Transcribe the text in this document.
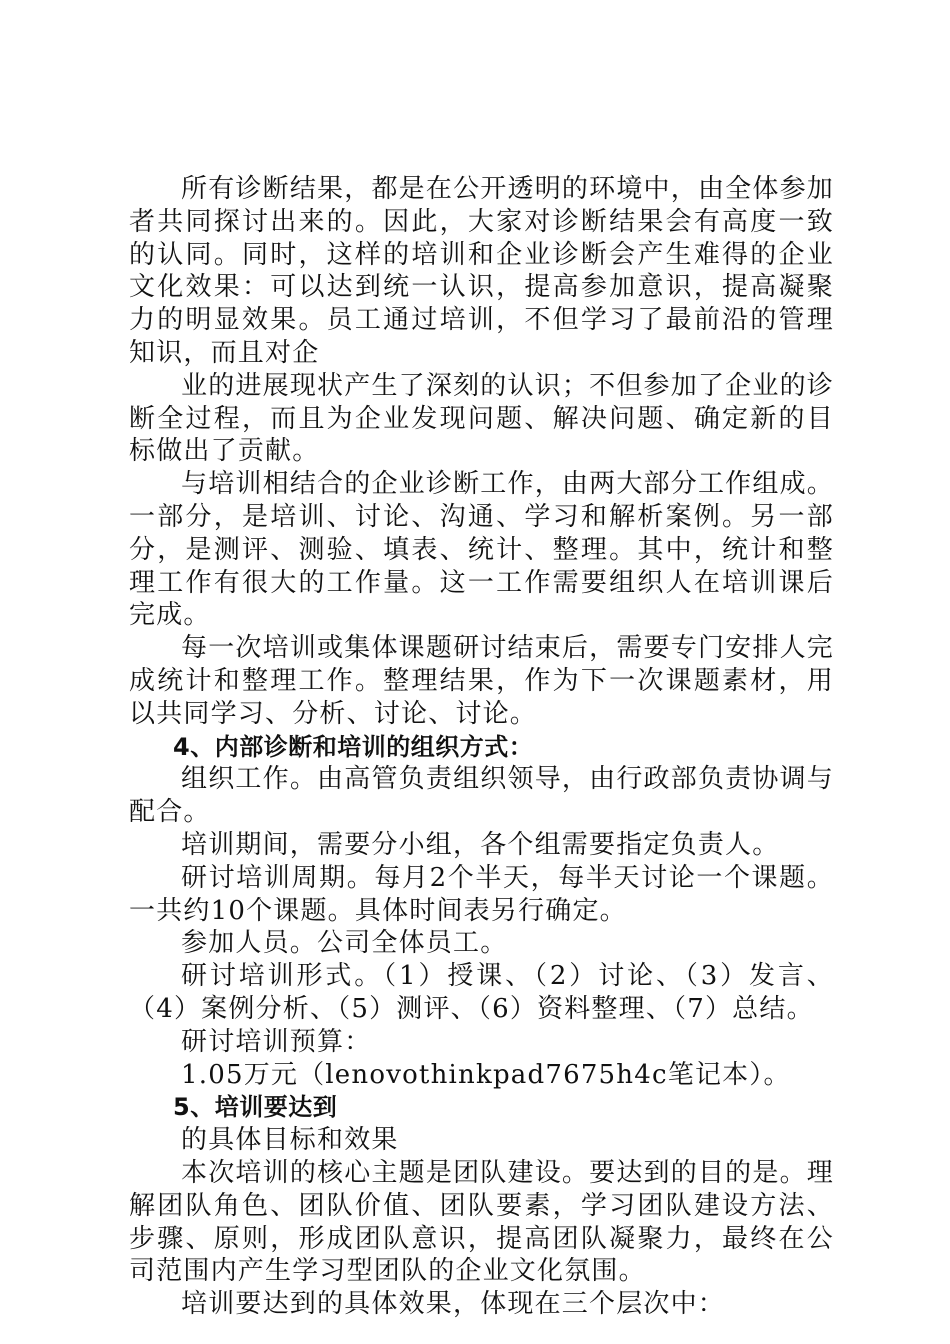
所有诊断结果，都是在公开透明的环境中，由全体参加者共同探讨出来的。因此，大家对诊断结果会有高度一致的认同。同时，这样的培训和企业诊断会产生难得的企业文化效果：可以达到统一认识，提高参加意识，提高凝聚力的明显效果。员工通过培训，不但学习了最前沿的管理知识，而且对企

业的进展现状产生了深刻的认识；不但参加了企业的诊断全过程，而且为企业发现问题、解决问题、确定新的目标做出了贡献。

与培训相结合的企业诊断工作，由两大部分工作组成。一部分，是培训、讨论、沟通、学习和解析案例。另一部分，是测评、测验、填表、统计、整理。其中，统计和整理工作有很大的工作量。这一工作需要组织人在培训课后完成。

每一次培训或集体课题研讨结束后，需要专门安排人完成统计和整理工作。整理结果，作为下一次课题素材，用以共同学习、分析、讨论、讨论。

4、内部诊断和培训的组织方式：

组织工作。由高管负责组织领导，由行政部负责协调与配合。

培训期间，需要分小组，各个组需要指定负责人。

研讨培训周期。每月2个半天，每半天讨论一个课题。一共约10个课题。具体时间表另行确定。

参加人员。公司全体员工。

研讨培训形式。（1）授课、（2）讨论、（3）发言、（4）案例分析、（5）测评、（6）资料整理、（7）总结。

研讨培训预算：

1.05万元（lenovothinkpad7675h4c笔记本）。

5、培训要达到

的具体目标和效果

本次培训的核心主题是团队建设。要达到的目的是。理解团队角色、团队价值、团队要素，学习团队建设方法、步骤、原则，形成团队意识，提高团队凝聚力，最终在公司范围内产生学习型团队的企业文化氛围。

培训要达到的具体效果，体现在三个层次中：
